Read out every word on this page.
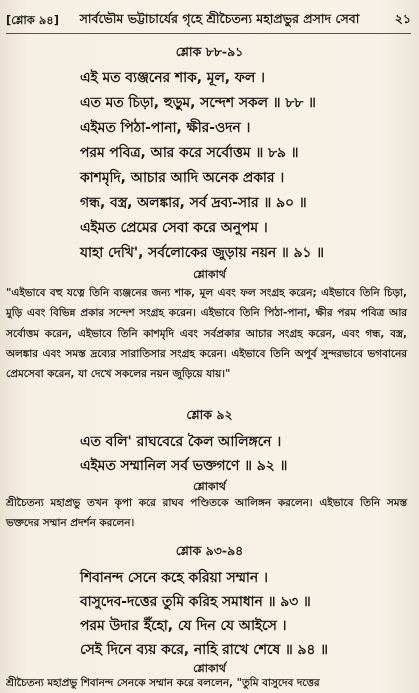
[শ্লোক ৯৪]	সার্বভৌম ভট্টাচার্যের গৃহে শ্রীচৈতন্য মহাপ্রভুর প্রসাদ সেবা	২১
শ্লোক ৮৮-৯১
এই মত ব্যঞ্জনের শাক, মূল, ফল ।
এত মত চিড়া, হুড়ুম, সন্দেশ সকল ॥ ৮৮ ॥
এইমত পিঠা-পানা, ক্ষীর-ওদন ।
পরম পবিত্র, আর করে সর্বোত্তম ॥ ৮৯ ॥
কাশমৃদি, আচার আদি অনেক প্রকার ।
গন্ধ, বস্ত্র, অলঙ্কার, সর্ব দ্রব্য-সার ॥ ৯০ ॥
এইমত প্রেমের সেবা করে অনুপম ।
যাহা দেখি', সর্বলোকের জুড়ায় নয়ন ॥ ৯১ ॥
শ্লোকার্থ
"এইভাবে বহু যত্নে তিনি ব্যঞ্জনের জন্য শাক, মূল এবং ফল সংগ্রহ করেন; এইভাবে তিনি চিড়া, মুড়ি এবং বিভিন্ন প্রকার সন্দেশ সংগ্রহ করেন। এইভাবে তিনি পিঠা-পানা, ক্ষীর পরম পবিত্র আর সর্বোত্তম করেন, এইভাবে তিনি কাশমৃদি এবং সর্বপ্রকার আচার সংগ্রহ করেন, এবং গন্ধ, বস্ত্র, অলঙ্কার এবং সমস্ত দ্রব্যের সারাতিসার সংগ্রহ করেন। এইভাবে তিনি অপূর্ব সুন্দরভাবে ভগবানের প্রেমসেবা করেন, যা দেখে সকলের নয়ন জুড়িয়ে যায়।"
শ্লোক ৯২
এত বলি' রাঘবেরে কৈল আলিঙ্গনে ।
এইমত সম্মানিল সর্ব ভক্তগণে ॥ ৯২ ॥
শ্লোকার্থ
শ্রীচৈতন্য মহাপ্রভু তখন কৃপা করে রাঘব পণ্ডিতকে আলিঙ্গন করলেন। এইভাবে তিনি সমস্ত ভক্তদের সম্মান প্রদর্শন করলেন।
শ্লোক ৯৩-৯৪
শিবানন্দ সেনে কহে করিয়া সম্মান ।
বাসুদেব-দত্তের তুমি করিহ সমাধান ॥ ৯৩ ॥
পরম উদার ইঁহো, যে দিন যে আইসে ।
সেই দিনে ব্যয় করে, নাহি রাখে শেষে ॥ ৯৪ ॥
শ্লোকার্থ
শ্রীচৈতন্য মহাপ্রভু শিবানন্দ সেনকে সম্মান করে বললেন, "তুমি বাসুদেব দত্তের
